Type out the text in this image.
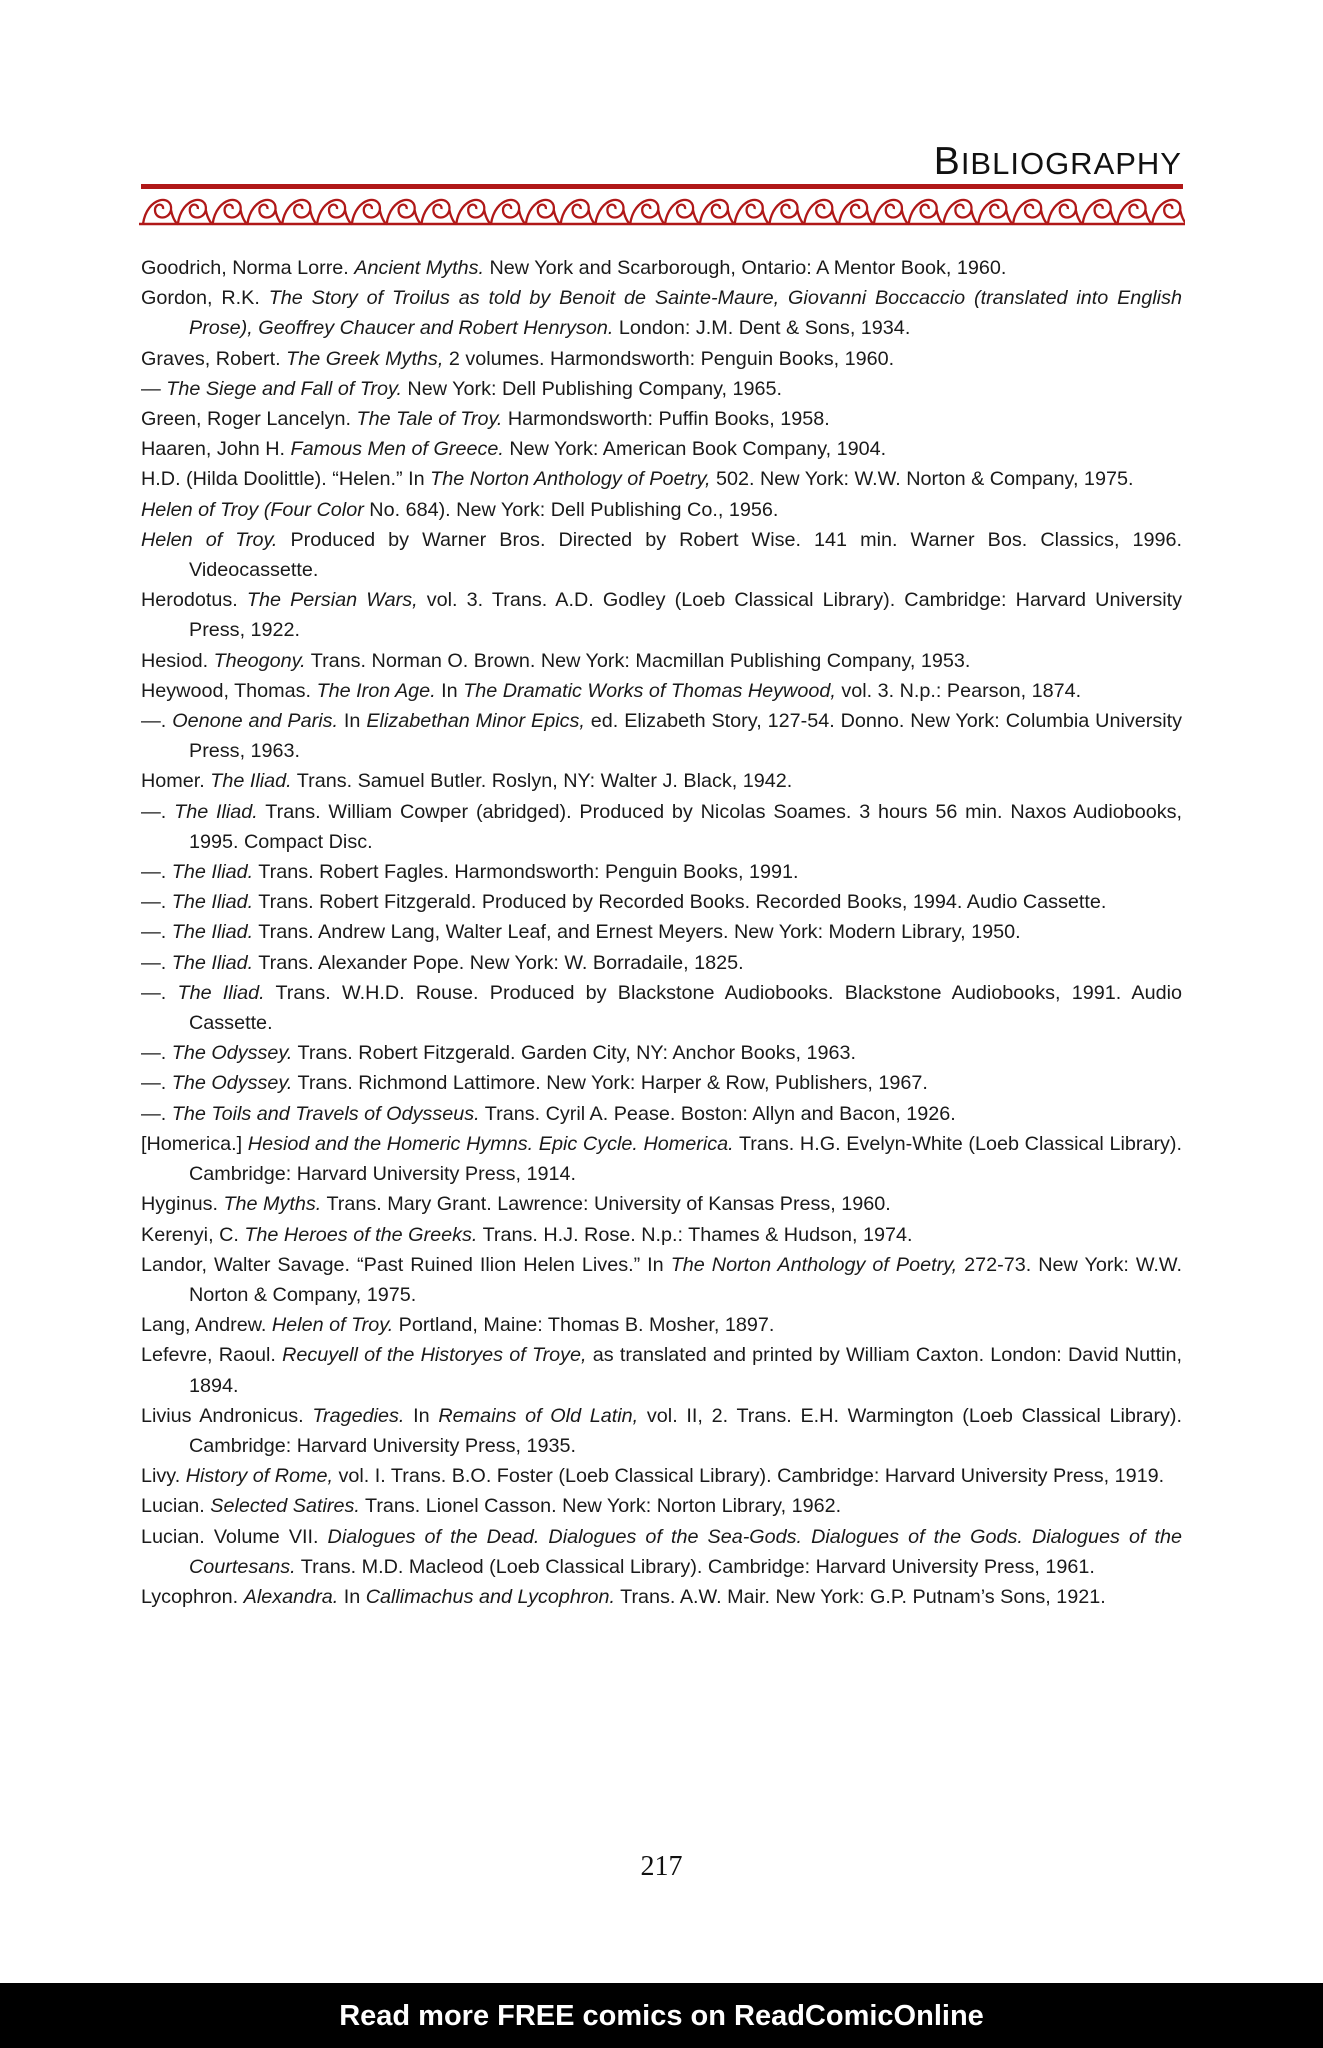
BIBLIOGRAPHY

Goodrich, Norma Lorre. Ancient Myths. New York and Scarborough, Ontario: A Mentor Book, 1960.

Gordon, R.K. The Story of Troilus as told by Benoit de Sainte-Maure, Giovanni Boccaccio (translated into English Prose), Geoffrey Chaucer and Robert Henryson. London: J.M. Dent & Sons, 1934.

Graves, Robert. The Greek Myths, 2 volumes. Harmondsworth: Penguin Books, 1960.

— The Siege and Fall of Troy. New York: Dell Publishing Company, 1965.

Green, Roger Lancelyn. The Tale of Troy. Harmondsworth: Puffin Books, 1958.

Haaren, John H. Famous Men of Greece. New York: American Book Company, 1904.

H.D. (Hilda Doolittle). “Helen.” In The Norton Anthology of Poetry, 502. New York: W.W. Norton & Company, 1975.

Helen of Troy (Four Color No. 684). New York: Dell Publishing Co., 1956.

Helen of Troy. Produced by Warner Bros. Directed by Robert Wise. 141 min. Warner Bos. Classics, 1996. Videocassette.

Herodotus. The Persian Wars, vol. 3. Trans. A.D. Godley (Loeb Classical Library). Cambridge: Harvard University Press, 1922.

Hesiod. Theogony. Trans. Norman O. Brown. New York: Macmillan Publishing Company, 1953.

Heywood, Thomas. The Iron Age. In The Dramatic Works of Thomas Heywood, vol. 3. N.p.: Pearson, 1874.

—. Oenone and Paris. In Elizabethan Minor Epics, ed. Elizabeth Story, 127-54. Donno. New York: Columbia University Press, 1963.

Homer. The Iliad. Trans. Samuel Butler. Roslyn, NY: Walter J. Black, 1942.

—. The Iliad. Trans. William Cowper (abridged). Produced by Nicolas Soames. 3 hours 56 min. Naxos Audiobooks, 1995. Compact Disc.

—. The Iliad. Trans. Robert Fagles. Harmondsworth: Penguin Books, 1991.

—. The Iliad. Trans. Robert Fitzgerald. Produced by Recorded Books. Recorded Books, 1994. Audio Cassette.

—. The Iliad. Trans. Andrew Lang, Walter Leaf, and Ernest Meyers. New York: Modern Library, 1950.

—. The Iliad. Trans. Alexander Pope. New York: W. Borradaile, 1825.

—. The Iliad. Trans. W.H.D. Rouse. Produced by Blackstone Audiobooks. Blackstone Audiobooks, 1991. Audio Cassette.

—. The Odyssey. Trans. Robert Fitzgerald. Garden City, NY: Anchor Books, 1963.

—. The Odyssey. Trans. Richmond Lattimore. New York: Harper & Row, Publishers, 1967.

—. The Toils and Travels of Odysseus. Trans. Cyril A. Pease. Boston: Allyn and Bacon, 1926.

[Homerica.] Hesiod and the Homeric Hymns. Epic Cycle. Homerica. Trans. H.G. Evelyn-White (Loeb Classical Library). Cambridge: Harvard University Press, 1914.

Hyginus. The Myths. Trans. Mary Grant. Lawrence: University of Kansas Press, 1960.

Kerenyi, C. The Heroes of the Greeks. Trans. H.J. Rose. N.p.: Thames & Hudson, 1974.

Landor, Walter Savage. “Past Ruined Ilion Helen Lives.” In The Norton Anthology of Poetry, 272-73. New York: W.W. Norton & Company, 1975.

Lang, Andrew. Helen of Troy. Portland, Maine: Thomas B. Mosher, 1897.

Lefevre, Raoul. Recuyell of the Historyes of Troye, as translated and printed by William Caxton. London: David Nuttin, 1894.

Livius Andronicus. Tragedies. In Remains of Old Latin, vol. II, 2. Trans. E.H. Warmington (Loeb Classical Library). Cambridge: Harvard University Press, 1935.

Livy. History of Rome, vol. I. Trans. B.O. Foster (Loeb Classical Library). Cambridge: Harvard University Press, 1919.

Lucian. Selected Satires. Trans. Lionel Casson. New York: Norton Library, 1962.

Lucian. Volume VII. Dialogues of the Dead. Dialogues of the Sea-Gods. Dialogues of the Gods. Dialogues of the Courtesans. Trans. M.D. Macleod (Loeb Classical Library). Cambridge: Harvard University Press, 1961.

Lycophron. Alexandra. In Callimachus and Lycophron. Trans. A.W. Mair. New York: G.P. Putnam’s Sons, 1921.

217
Read more FREE comics on ReadComicOnline
